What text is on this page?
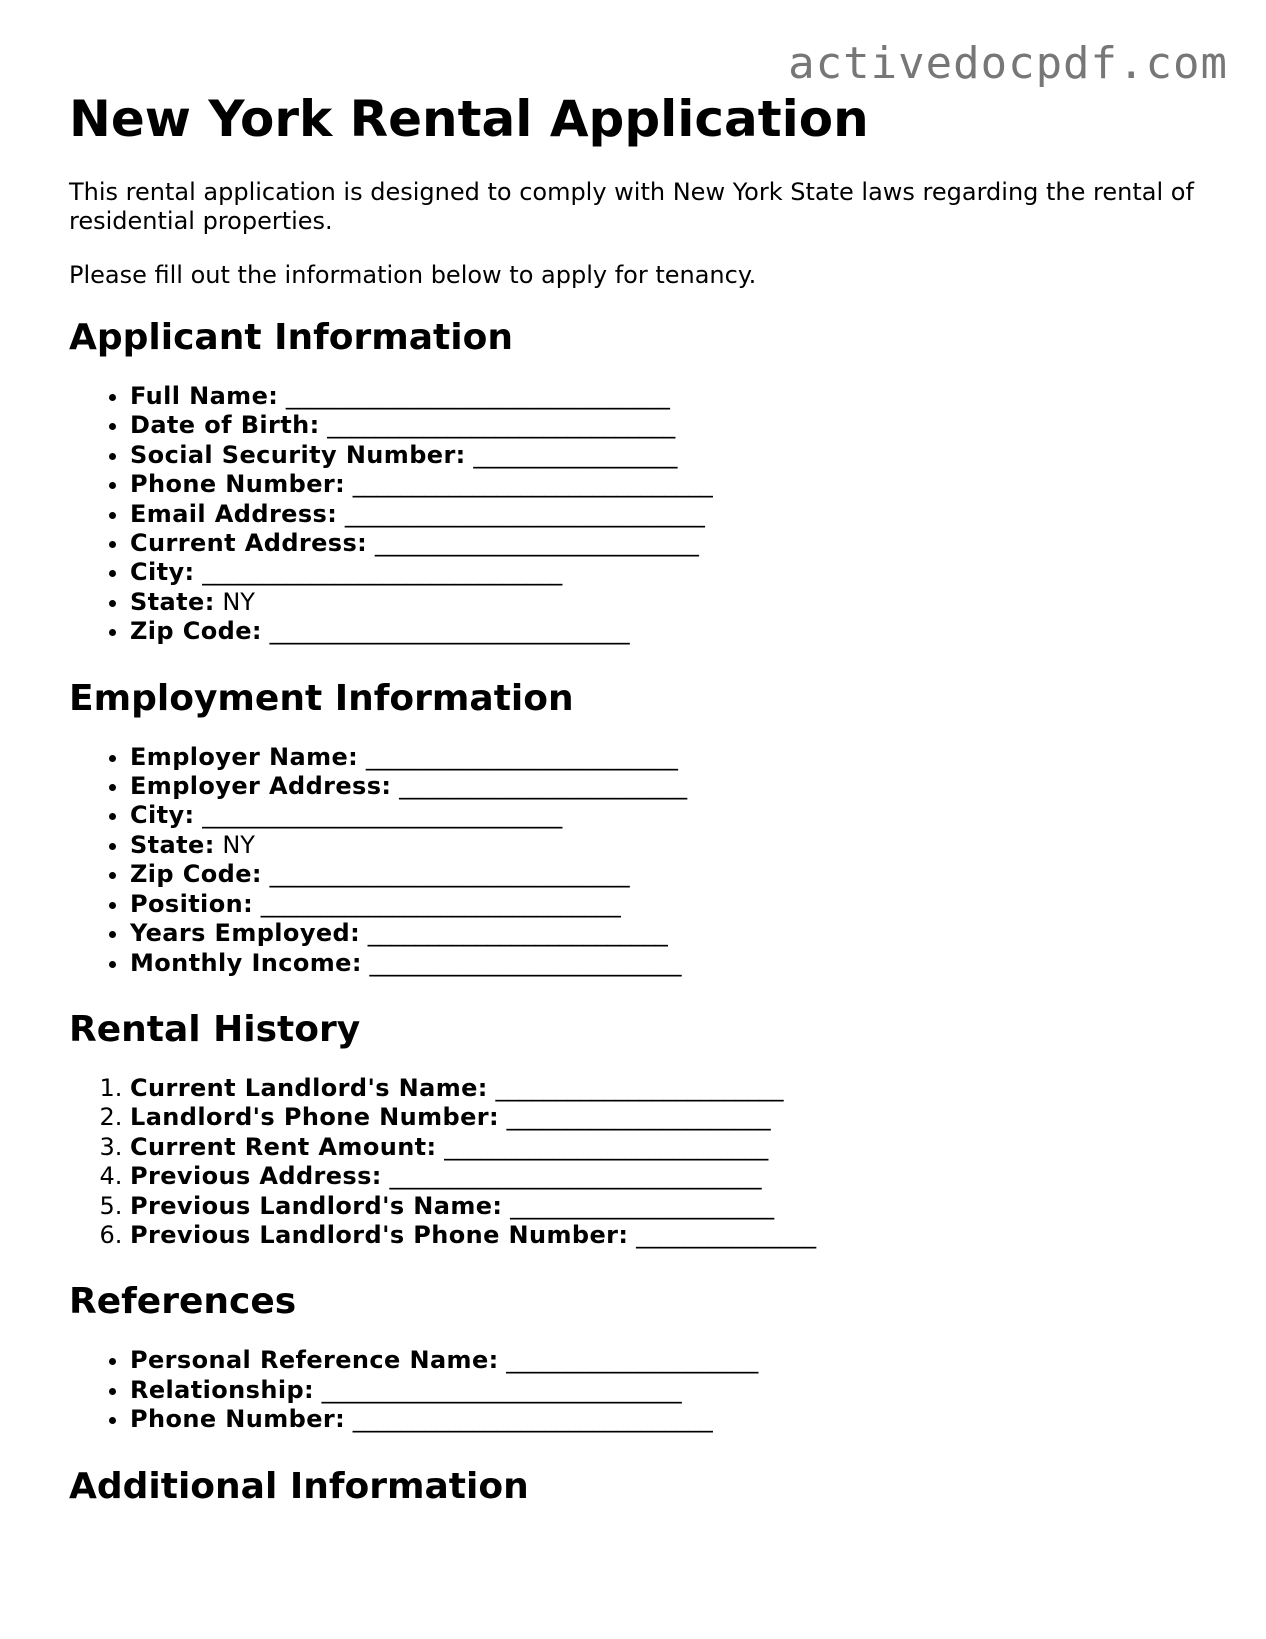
activedocpdf.com
New York Rental Application

This rental application is designed to comply with New York State laws regarding the rental of residential properties.

Please fill out the information below to apply for tenancy.

Applicant Information
• Full Name: ________________________________
• Date of Birth: _____________________________
• Social Security Number: _________________
• Phone Number: ______________________________
• Email Address: ______________________________
• Current Address: ___________________________
• City: ______________________________
• State: NY
• Zip Code: ______________________________
Employment Information
• Employer Name: __________________________
• Employer Address: ________________________
• City: ______________________________
• State: NY
• Zip Code: ______________________________
• Position: ______________________________
• Years Employed: _________________________
• Monthly Income: __________________________
Rental History
1. Current Landlord's Name: ________________________
2. Landlord's Phone Number: ______________________
3. Current Rent Amount: ___________________________
4. Previous Address: _______________________________
5. Previous Landlord's Name: ______________________
6. Previous Landlord's Phone Number: _______________
References
• Personal Reference Name: _____________________
• Relationship: ______________________________
• Phone Number: ______________________________
Additional Information
